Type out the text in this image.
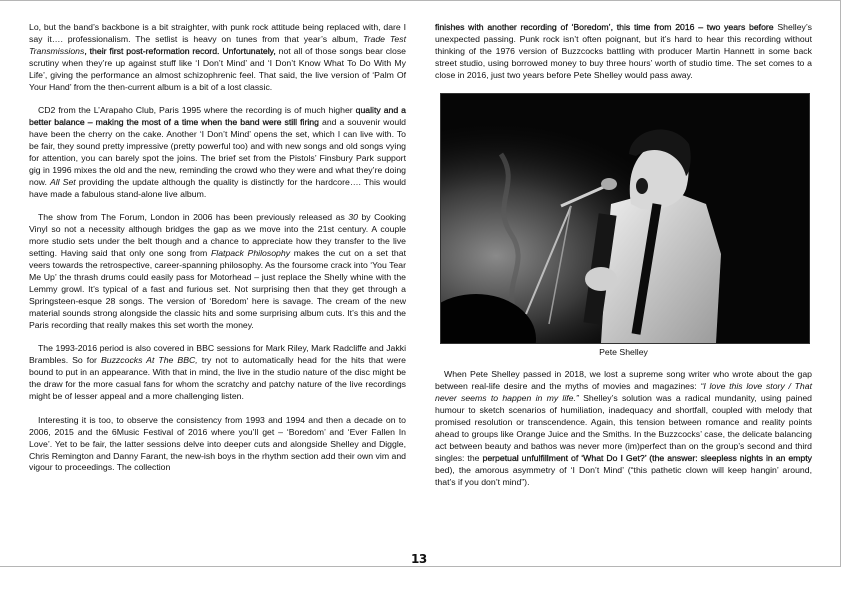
Lo, but the band’s backbone is a bit straighter, with punk rock attitude being replaced with, dare I say it…. professionalism. The setlist is heavy on tunes from that year’s album, Trade Test Transmissions, their first post-reformation record. Unfortunately, not all of those songs bear close scrutiny when they’re up against stuff like ‘I Don’t Mind’ and ‘I Don’t Know What To Do With My Life’, giving the performance an almost schizophrenic feel. That said, the live version of ‘Palm Of Your Hand’ from the then-current album is a bit of a lost classic.

CD2 from the L’Arapaho Club, Paris 1995 where the recording is of much higher quality and a better balance – making the most of a time when the band were still firing and a souvenir would have been the cherry on the cake. Another ‘I Don’t Mind’ opens the set, which I can live with. To be fair, they sound pretty impressive (pretty powerful too) and with new songs and old songs vying for attention, you can barely spot the joins. The brief set from the Pistols’ Finsbury Park support gig in 1996 mixes the old and the new, reminding the crowd who they were and what they’re doing now. All Set providing the update although the quality is distinctly for the hardcore…. This would have made a fabulous stand-alone live album.

The show from The Forum, London in 2006 has been previously released as 30 by Cooking Vinyl so not a necessity although bridges the gap as we move into the 21st century. A couple more studio sets under the belt though and a chance to appreciate how they transfer to the live setting. Having said that only one song from Flatpack Philosophy makes the cut on a set that veers towards the retrospective, career-spanning philosophy. As the foursome crack into ‘You Tear Me Up’ the thrash drums could easily pass for Motorhead – just replace the Shelly whine with the Lemmy growl. It’s typical of a fast and furious set. Not surprising then that they get through a Springsteen-esque 28 songs. The version of ‘Boredom’ here is savage. The cream of the new material sounds strong alongside the classic hits and some surprising album cuts. It’s this and the Paris recording that really makes this set worth the money.

The 1993-2016 period is also covered in BBC sessions for Mark Riley, Mark Radcliffe and Jakki Brambles. So for Buzzcocks At The BBC, try not to automatically head for the hits that were bound to put in an appearance. With that in mind, the live in the studio nature of the disc might be the draw for the more casual fans for whom the scratchy and patchy nature of the live recordings might be of lesser appeal and a more challenging listen.

Interesting it is too, to observe the consistency from 1993 and 1994 and then a decade on to 2006, 2015 and the 6Music Festival of 2016 where you’ll get – ‘Boredom’ and ‘Ever Fallen In Love’. Yet to be fair, the latter sessions delve into deeper cuts and alongside Shelley and Diggle, Chris Remington and Danny Farant, the new-ish boys in the rhythm section add their own vim and vigour to proceedings. The collection

finishes with another recording of ‘Boredom’, this time from 2016 – two years before Shelley’s unexpected passing. Punk rock isn’t often poignant, but it’s hard to hear this recording without thinking of the 1976 version of Buzzcocks battling with producer Martin Hannett in some back street studio, using borrowed money to buy three hours’ worth of studio time. The set comes to a close in 2016, just two years before Pete Shelley would pass away.

Pete Shelley

When Pete Shelley passed in 2018, we lost a supreme song writer who wrote about the gap between real-life desire and the myths of movies and magazines: “I love this love story / That never seems to happen in my life.” Shelley’s solution was a radical mundanity, using pained humour to sketch scenarios of humiliation, inadequacy and shortfall, coupled with melody that promised resolution or transcendence. Again, this tension between romance and reality points ahead to groups like Orange Juice and the Smiths. In the Buzzcocks’ case, the delicate balancing act between beauty and bathos was never more (im)perfect than on the group’s second and third singles: the perpetual unfulfillment of ‘What Do I Get?’ (the answer: sleepless nights in an empty bed), the amorous asymmetry of ‘I Don’t Mind’ (“this pathetic clown will keep hangin’ around, that’s if you don’t mind”).

13
